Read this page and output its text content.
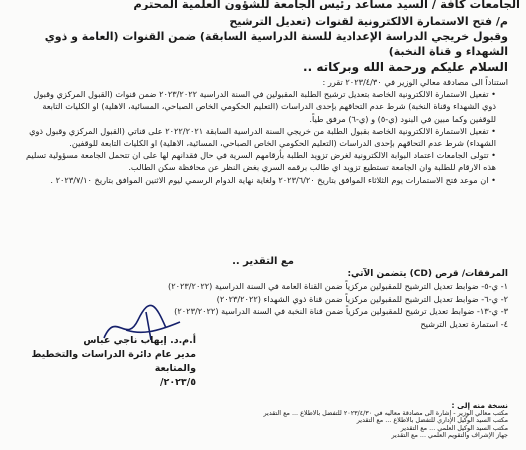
الجامعات كافة / السيد مساعد رئيس الجامعة للشؤون العلمية المحترم
م/ فتح الاستمارة الالكترونية لقنوات (تعديل الترشيح
وقبول خريجي الدراسة الإعدادية للسنة الدراسية السابقة) ضمن القنوات (العامة و ذوي الشهداء و قناة النخبة)
السلام عليكم ورحمة الله وبركاته ..

استناداً الى مصادقة معالي الوزير في ٢٠٢٣/٤/٣٠ تقرر :

• تفعيل الاستمارة الالكترونية الخاصة بتعديل ترشيح الطلبة المقبولين في السنة الدراسية ٢٠٢٣/٢٠٢٢ ضمن قنوات (القبول المركزي وقبول ذوي الشهداء وقناة النخبة) شرط عدم التحاقهم بإحدى الدراسات (التعليم الحكومي الخاص الصباحي، المسائية، الاهلية) او الكليات التابعة للوقفين وكما مبين في البنود (ي-٥) و (ي-٦) مرفق طياً.

• تفعيل الاستمارة الالكترونية الخاصة بقبول الطلبة من خريجي السنة الدراسية السابقة ٢٠٢٢/٢٠٢١ على قناتي (القبول المركزي وقبول ذوي الشهداء) شرط عدم التحاقهم بإحدى الدراسات (التعليم الحكومي الخاص الصباحي، المسائية، الاهلية) او الكليات التابعة للوقفين.

• تتولى الجامعات اعتماد البوابة الالكترونية لغرض تزويد الطلبة بأرقامهم السرية في حال فقدانهم لها على ان تتحمل الجامعة مسؤولية تسليم هذه الارقام للطلبة وان الجامعة تستطيع تزويد اي طالب برقمه السري بغض النظر عن محافظة سكن الطالب.

• ان موعد فتح الاستمارات يوم الثلاثاء الموافق بتاريخ ٢٠٢٣/٦/٢٠ ولغاية نهاية الدوام الرسمي ليوم الاثنين الموافق بتاريخ ٢٠٢٣/٧/١٠ .

مع التقدير ..
المرفقات/ قرص (CD) يتضمن الآتي:
١- ي-٥- ضوابط تعديل الترشيح للمقبولين مركزياً ضمن القناة العامة في السنة الدراسية (٢٠٢٣/٢٠٢٢)
٢- ي-٦- ضوابط تعديل الترشيح للمقبولين مركزياً ضمن قناة ذوي الشهداء (٢٠٢٣/٢٠٢٢)
٣- ي-١٣- ضوابط تعديل ترشيح للمقبولين مركزياً ضمن قناة النخبة في السنة الدراسية (٢٠٢٣/٢٠٢٢)
٤- استمارة تعديل الترشيح
أ.م.د. إيهاب ناجي عباس
مدير عام دائرة الدراسات والتخطيط والمتابعة
٢٠٢٣/٥/
نسخة منه إلى :
مكتب معالي الوزير - إشارة الى مصادقة معاليه في ٢٠٢٣/٤/٣٠ للتفضل بالاطلاع ... مع التقدير
مكتب السيد الوكيل الإداري للتفضل بالاطلاع ... مع التقدير
مكتب السيد الوكيل العلمي ... مع التقدير
جهاز الإشراف والتقويم العلمي ... مع التقدير
